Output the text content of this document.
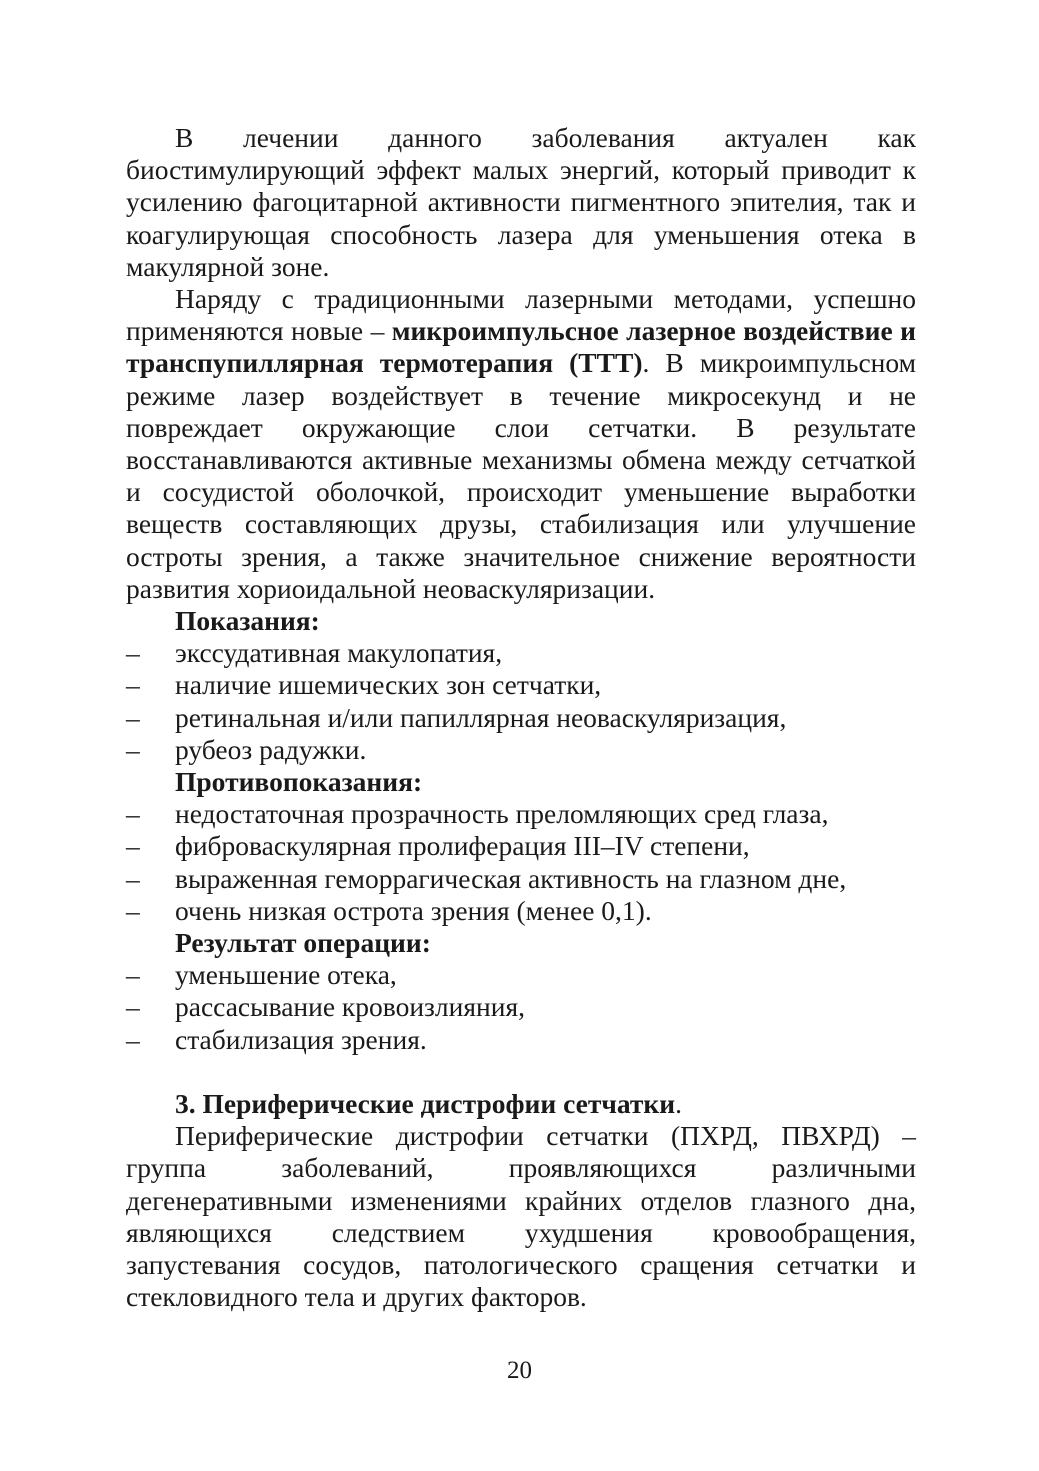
В лечении данного заболевания актуален как биостимулирующий эффект малых энергий, который приводит к усилению фагоцитарной активности пигментного эпителия, так и коагулирующая способность лазера для уменьшения отека в макулярной зоне.

Наряду с традиционными лазерными методами, успешно применяются новые – микроимпульсное лазерное воздействие и транспупиллярная термотерапия (ТТТ). В микроимпульсном режиме лазер воздействует в течение микросекунд и не повреждает окружающие слои сетчатки. В результате восстанавливаются активные механизмы обмена между сетчаткой и сосудистой оболочкой, происходит уменьшение выработки веществ составляющих друзы, стабилизация или улучшение остроты зрения, а также значительное снижение вероятности развития хориоидальной неоваскуляризации.

Показания:

– экссудативная макулопатия,
– наличие ишемических зон сетчатки,
– ретинальная и/или папиллярная неоваскуляризация,
– рубеоз радужки.

Противопоказания:

– недостаточная прозрачность преломляющих сред глаза,
– фиброваскулярная пролиферация III–IV степени,
– выраженная геморрагическая активность на глазном дне,
– очень низкая острота зрения (менее 0,1).

Результат операции:

– уменьшение отека,
– рассасывание кровоизлияния,
– стабилизация зрения.

3. Периферические дистрофии сетчатки.

Периферические дистрофии сетчатки (ПХРД, ПВХРД) – группа заболеваний, проявляющихся различными дегенеративными изменениями крайних отделов глазного дна, являющихся следствием ухудшения кровообращения, запустевания сосудов, патологического сращения сетчатки и стекловидного тела и других факторов.

20
